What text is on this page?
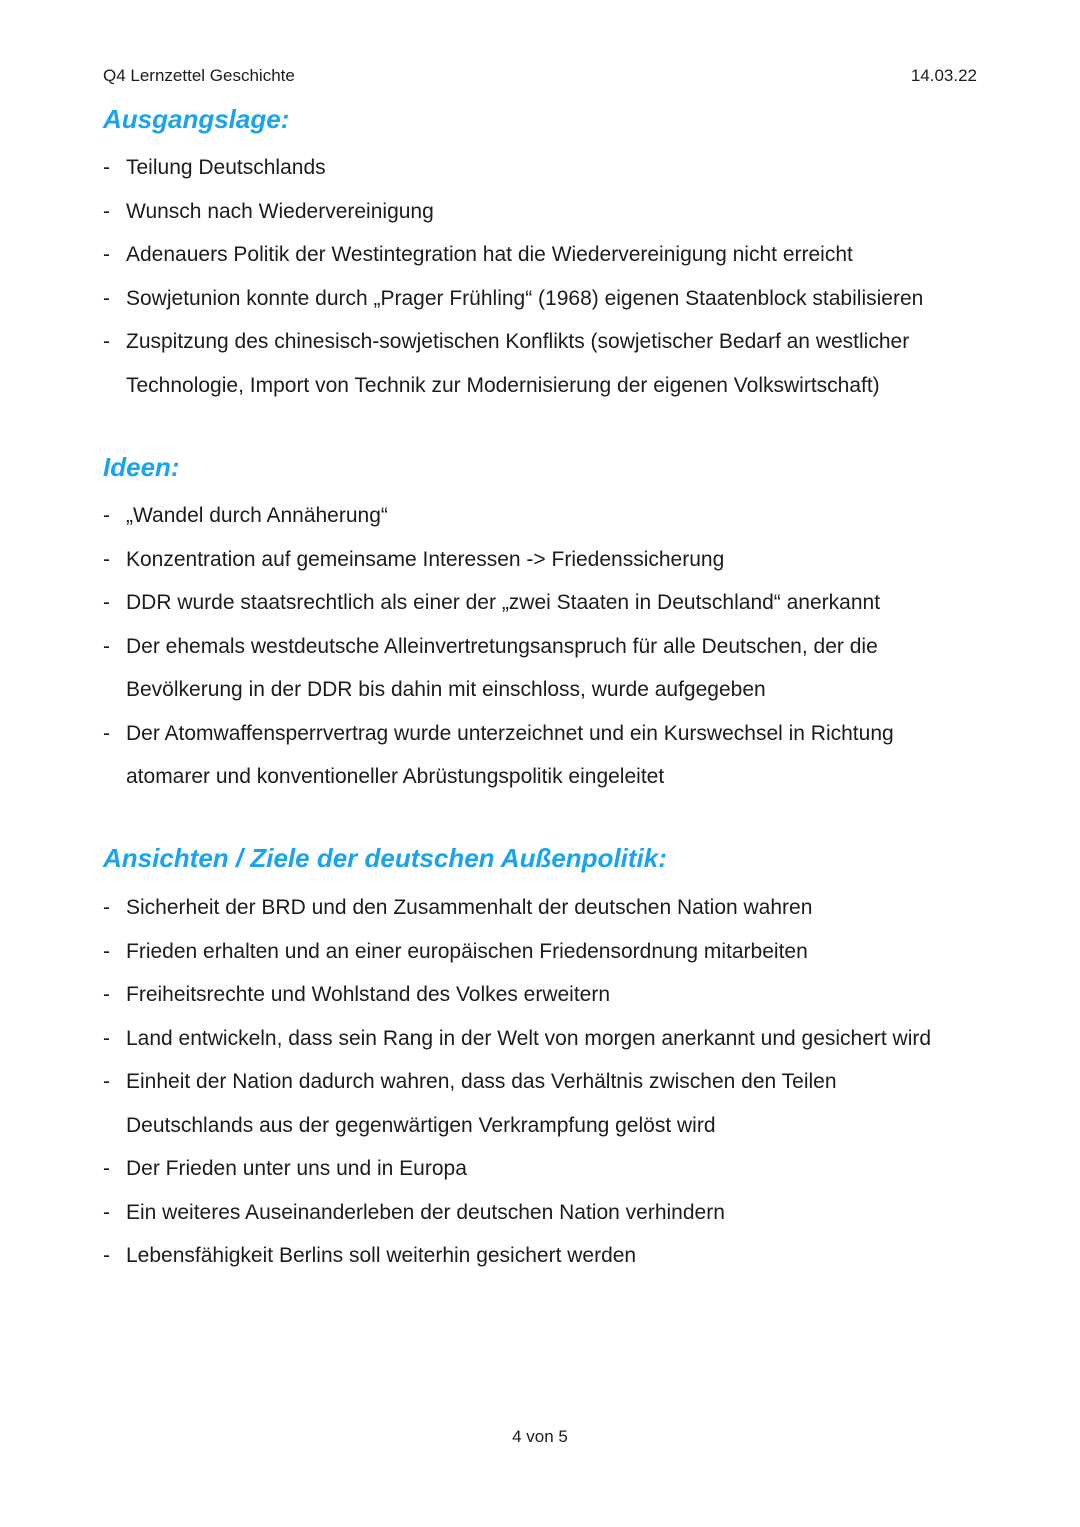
Q4 Lernzettel Geschichte	14.03.22
Ausgangslage:
- Teilung Deutschlands
- Wunsch nach Wiedervereinigung
- Adenauers Politik der Westintegration hat die Wiedervereinigung nicht erreicht
- Sowjetunion konnte durch „Prager Frühling“ (1968) eigenen Staatenblock stabilisieren
- Zuspitzung des chinesisch-sowjetischen Konflikts (sowjetischer Bedarf an westlicher
Technologie, Import von Technik zur Modernisierung der eigenen Volkswirtschaft)
Ideen:
- „Wandel durch Annäherung“
- Konzentration auf gemeinsame Interessen -> Friedenssicherung
- DDR wurde staatsrechtlich als einer der „zwei Staaten in Deutschland“ anerkannt
- Der ehemals westdeutsche Alleinvertretungsanspruch für alle Deutschen, der die
Bevölkerung in der DDR bis dahin mit einschloss, wurde aufgegeben
- Der Atomwaffensperrvertrag wurde unterzeichnet und ein Kurswechsel in Richtung
atomarer und konventioneller Abrüstungspolitik eingeleitet
Ansichten / Ziele der deutschen Außenpolitik:
- Sicherheit der BRD und den Zusammenhalt der deutschen Nation wahren
- Frieden erhalten und an einer europäischen Friedensordnung mitarbeiten
- Freiheitsrechte und Wohlstand des Volkes erweitern
- Land entwickeln, dass sein Rang in der Welt von morgen anerkannt und gesichert wird
- Einheit der Nation dadurch wahren, dass das Verhältnis zwischen den Teilen
Deutschlands aus der gegenwärtigen Verkrampfung gelöst wird
- Der Frieden unter uns und in Europa
- Ein weiteres Auseinanderleben der deutschen Nation verhindern
- Lebensfähigkeit Berlins soll weiterhin gesichert werden
4 von 5
